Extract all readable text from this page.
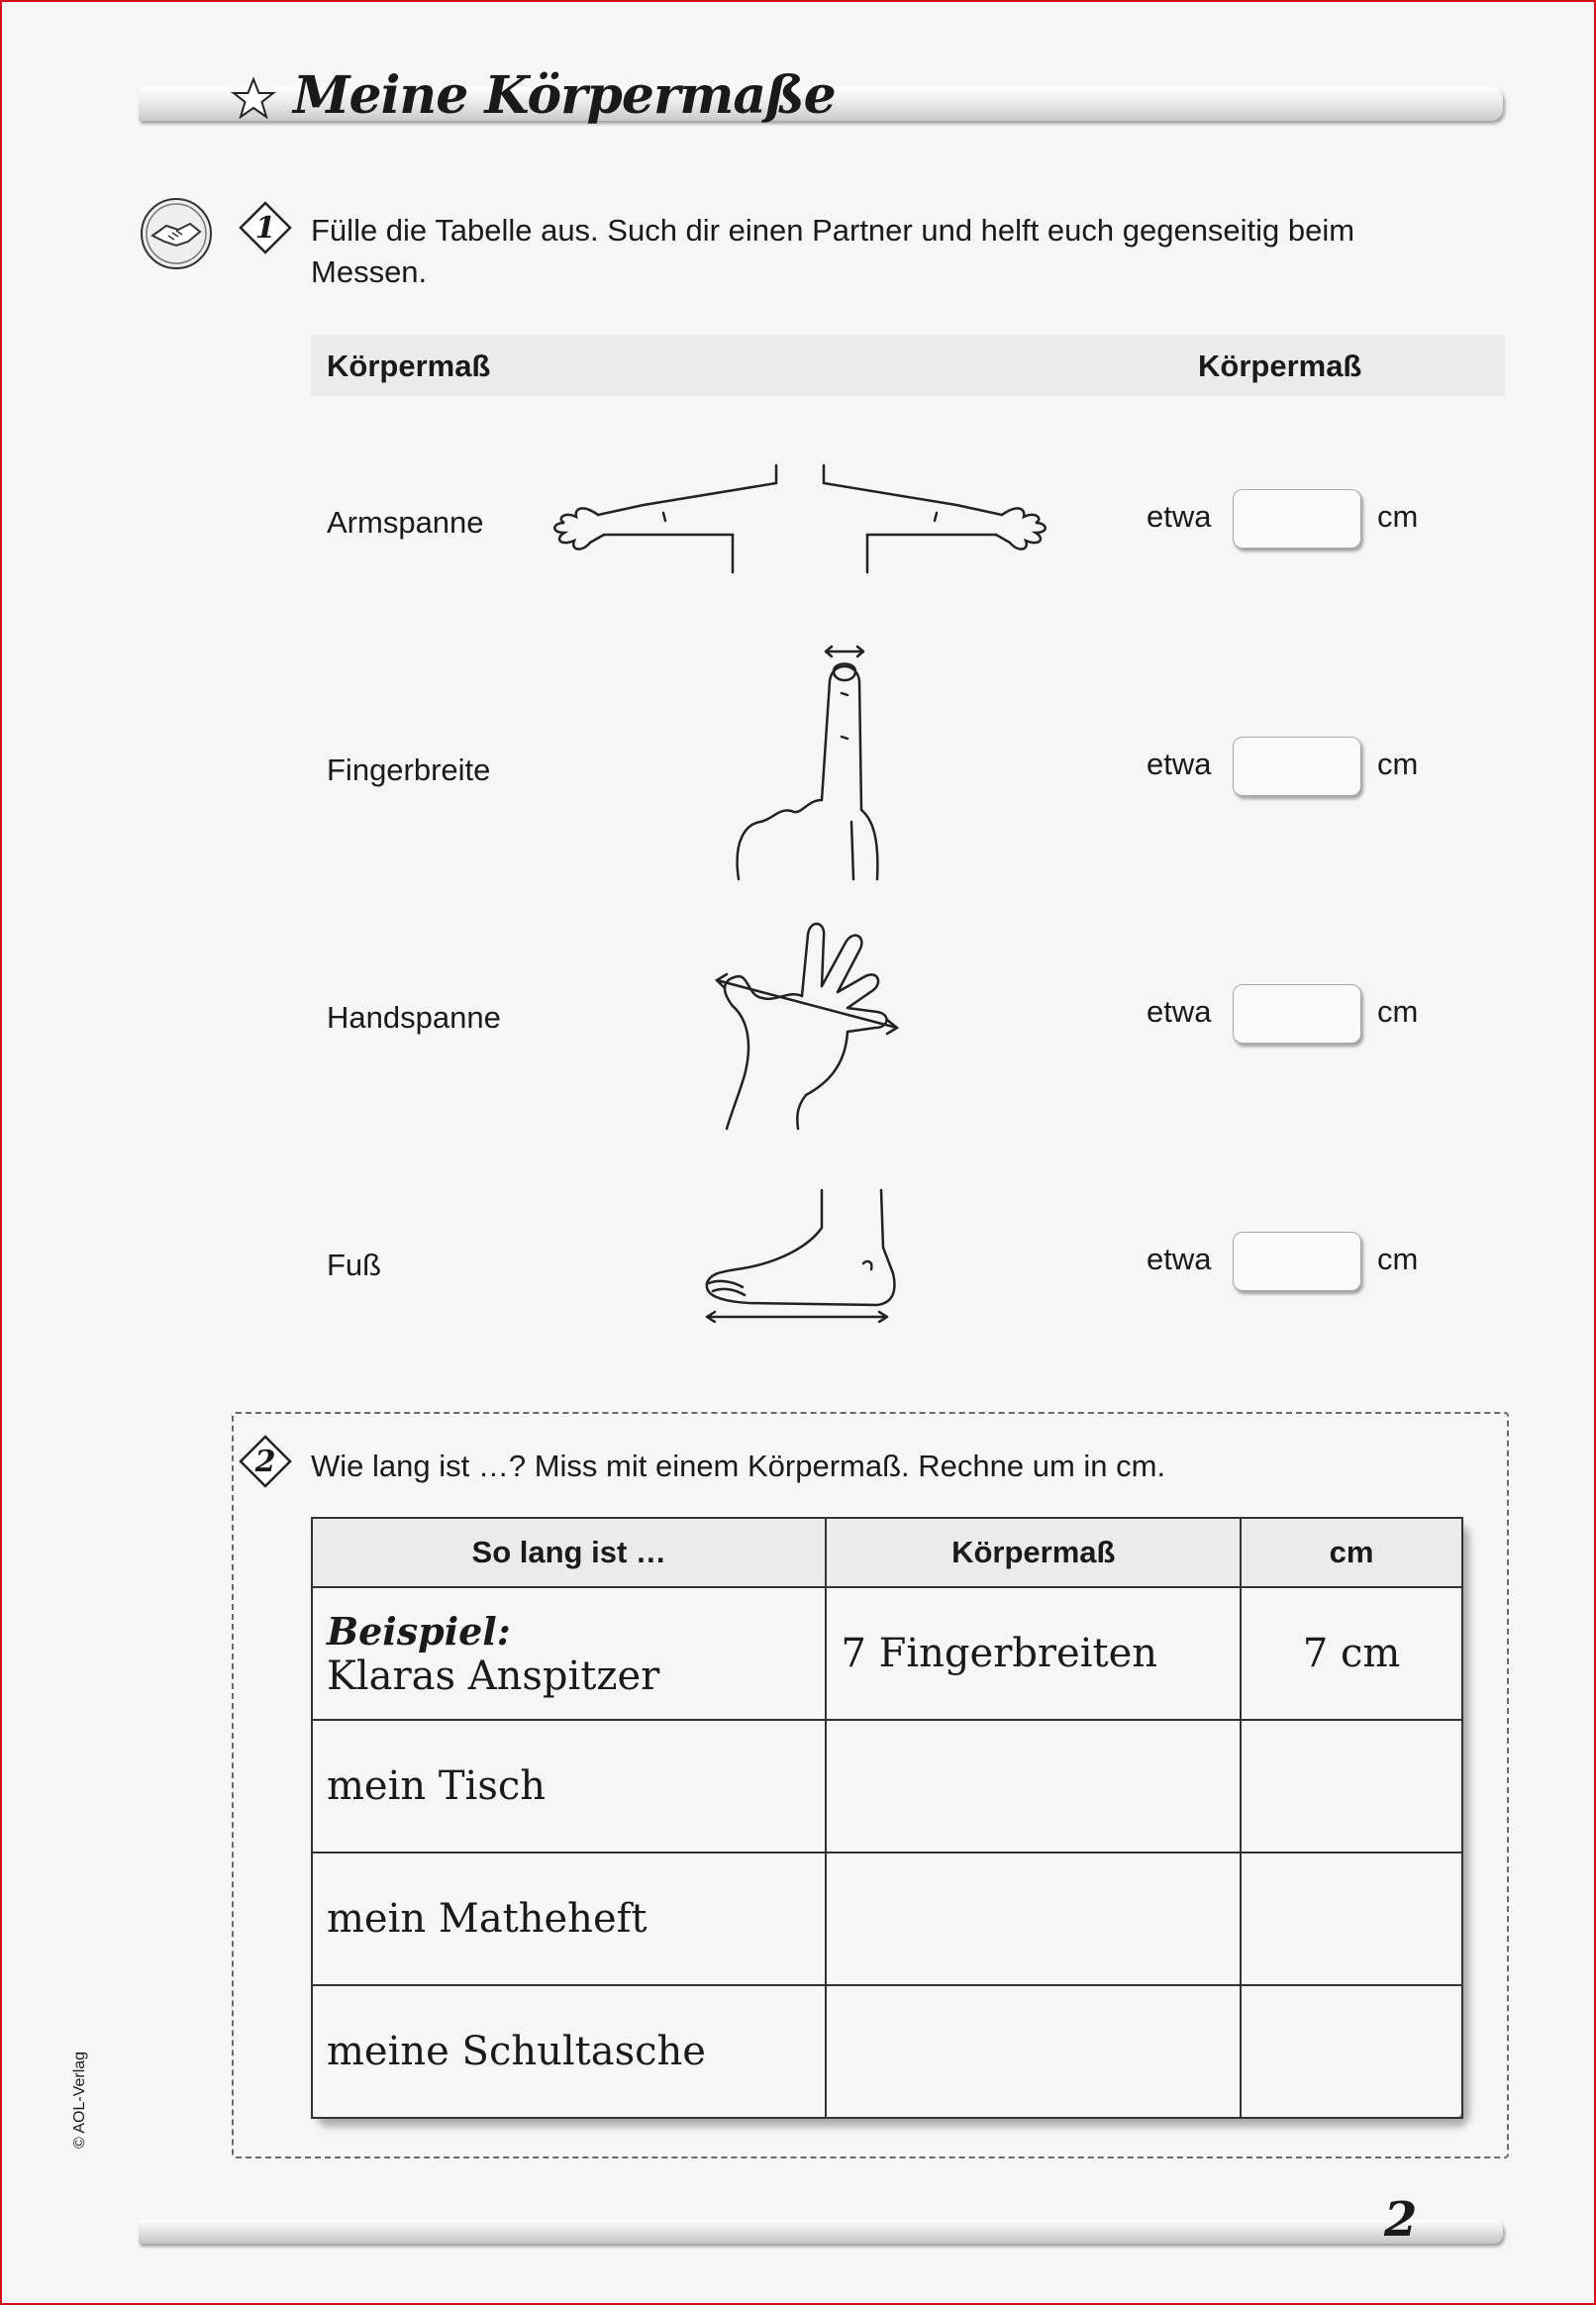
Meine Körpermaße
1	Fülle die Tabelle aus. Such dir einen Partner und helft euch gegenseitig beim Messen.
Körpermaß	Körpermaß
Armspanne	etwa	cm
Fingerbreite	etwa	cm
Handspanne	etwa	cm
Fuß	etwa	cm
2	Wie lang ist …? Miss mit einem Körpermaß. Rechne um in cm.
So lang ist …	Körpermaß	cm

Beispiel:
Klaras Anspitzer	7 Fingerbreiten	7 cm
mein Tisch		
mein Matheheft		
meine Schultasche		
2
© AOL-Verlag
